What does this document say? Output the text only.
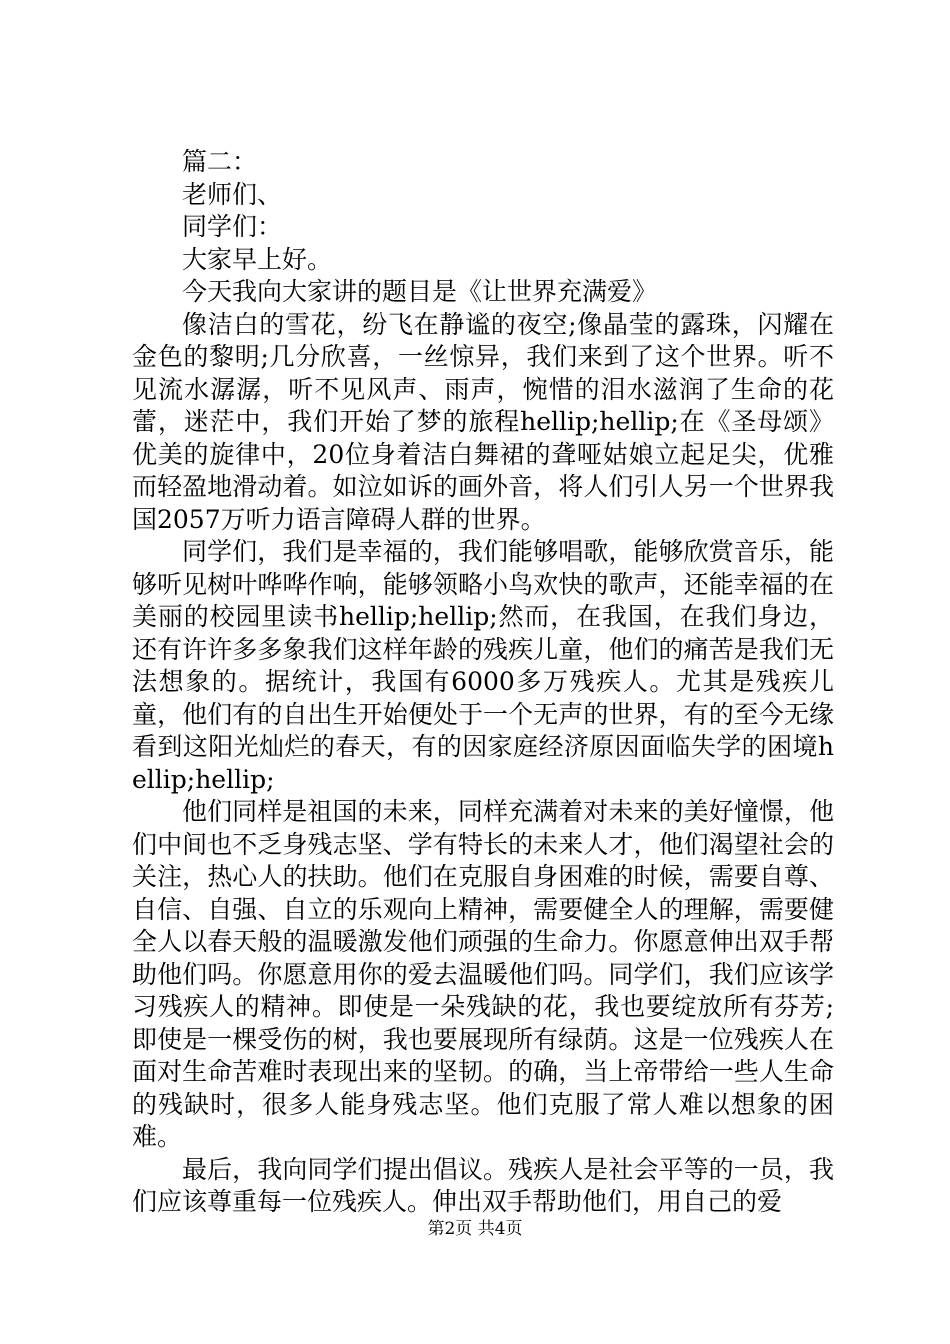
篇二：

老师们、

同学们：

大家早上好。

今天我向大家讲的题目是《让世界充满爱》

像洁白的雪花，纷飞在静谧的夜空;像晶莹的露珠，闪耀在金色的黎明;几分欣喜，一丝惊异，我们来到了这个世界。听不见流水潺潺，听不见风声、雨声，惋惜的泪水滋润了生命的花蕾，迷茫中，我们开始了梦的旅程hellip;hellip;在《圣母颂》优美的旋律中，20位身着洁白舞裙的聋哑姑娘立起足尖，优雅而轻盈地滑动着。如泣如诉的画外音，将人们引人另一个世界我国2057万听力语言障碍人群的世界。

同学们，我们是幸福的，我们能够唱歌，能够欣赏音乐，能够听见树叶哗哗作响，能够领略小鸟欢快的歌声，还能幸福的在美丽的校园里读书hellip;hellip;然而，在我国，在我们身边，还有许许多多象我们这样年龄的残疾儿童，他们的痛苦是我们无法想象的。据统计，我国有6000多万残疾人。尤其是残疾儿童，他们有的自出生开始便处于一个无声的世界，有的至今无缘看到这阳光灿烂的春天，有的因家庭经济原因面临失学的困境hellip;hellip;

他们同样是祖国的未来，同样充满着对未来的美好憧憬，他们中间也不乏身残志坚、学有特长的未来人才，他们渴望社会的关注，热心人的扶助。他们在克服自身困难的时候，需要自尊、自信、自强、自立的乐观向上精神，需要健全人的理解，需要健全人以春天般的温暖激发他们顽强的生命力。你愿意伸出双手帮助他们吗。你愿意用你的爱去温暖他们吗。同学们，我们应该学习残疾人的精神。即使是一朵残缺的花，我也要绽放所有芬芳;即使是一棵受伤的树，我也要展现所有绿荫。这是一位残疾人在面对生命苦难时表现出来的坚韧。的确，当上帝带给一些人生命的残缺时，很多人能身残志坚。他们克服了常人难以想象的困难。

最后，我向同学们提出倡议。残疾人是社会平等的一员，我们应该尊重每一位残疾人。伸出双手帮助他们，用自己的爱

第2页 共4页
